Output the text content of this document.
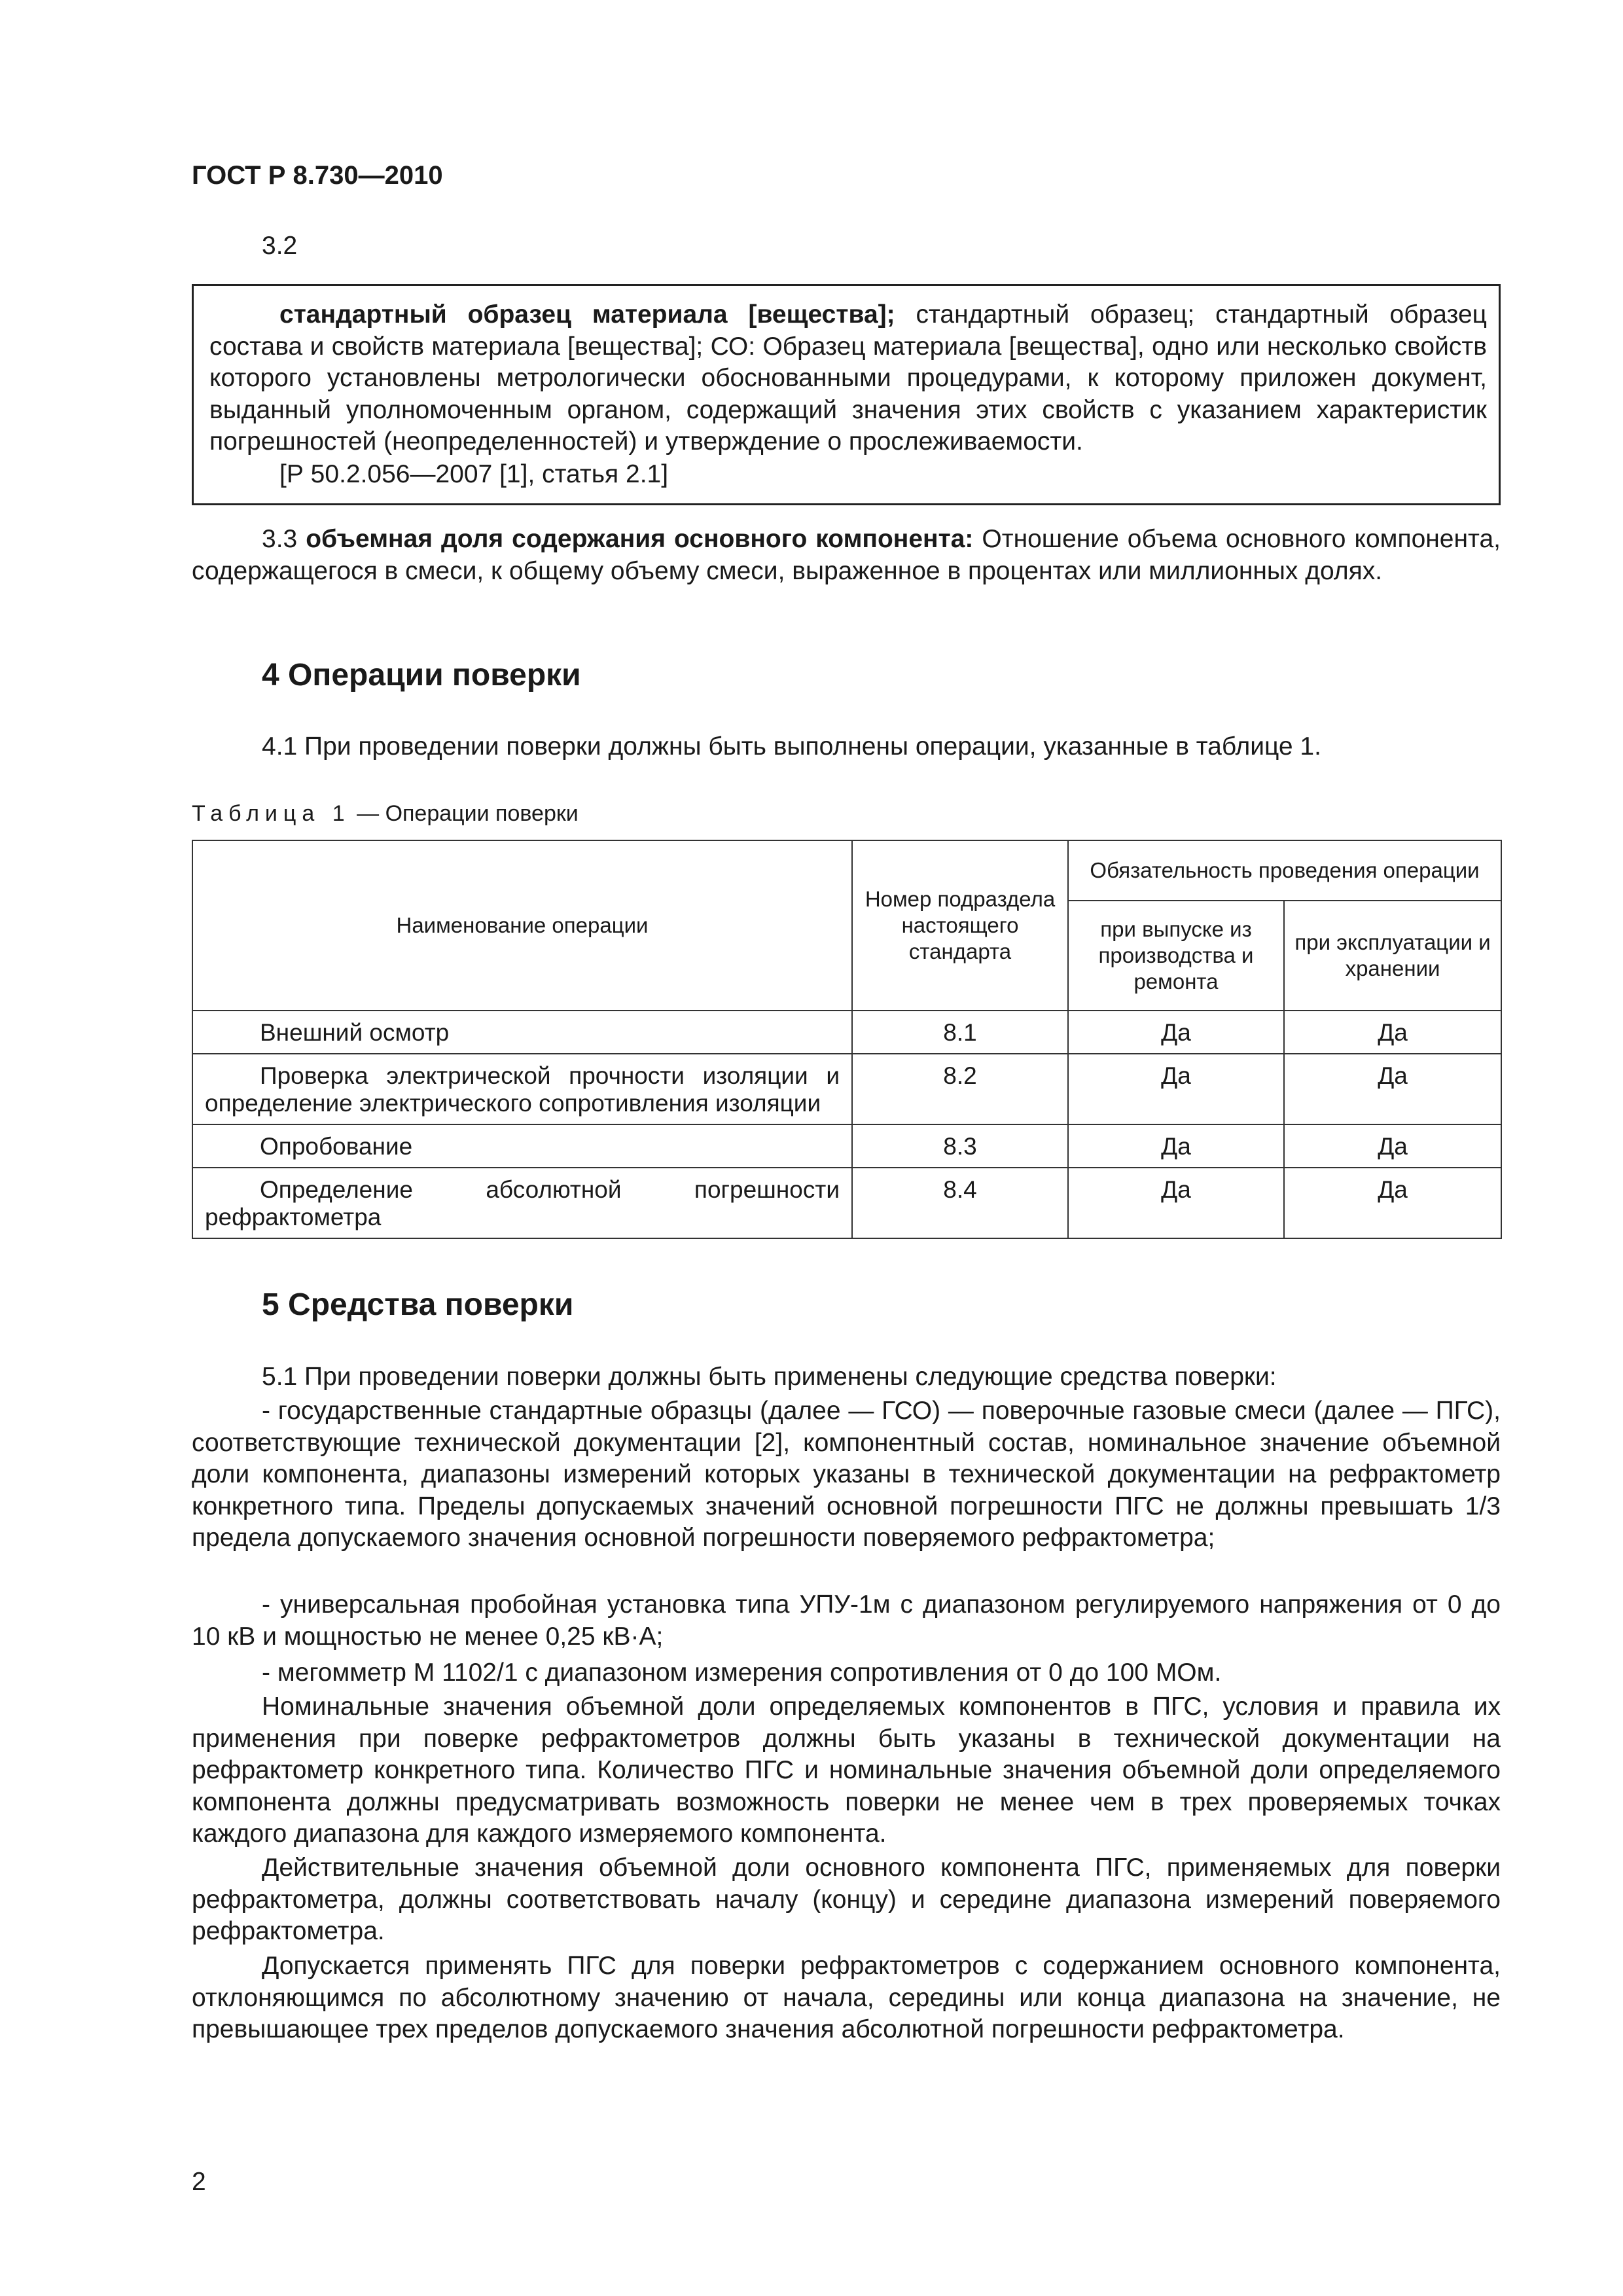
ГОСТ Р 8.730—2010
3.2

стандартный образец материала [вещества]; стандартный образец; стандартный образец состава и свойств материала [вещества]; СО: Образец материала [вещества], одно или несколько свойств которого установлены метрологически обоснованными процедурами, к которому приложен документ, выданный уполномоченным органом, содержащий значения этих свойств с указанием характеристик погрешностей (неопределенностей) и утверждение о прослеживаемости.

[Р 50.2.056—2007 [1], статья 2.1]

3.3 объемная доля содержания основного компонента: Отношение объема основного компонента, содержащегося в смеси, к общему объему смеси, выраженное в процентах или миллионных долях.

4 Операции поверки

4.1 При проведении поверки должны быть выполнены операции, указанные в таблице 1.

Таблица 1 — Операции поверки
Наименование операции	Номер подраздела настоящего стандарта	Обязательность проведения операции	
		при выпуске из производства и ремонта	при эксплуатации и хранении
Внешний осмотр	8.1	Да	Да
Проверка электрической прочности изоляции и определение электрического сопротивления изоляции	8.2	Да	Да
Опробование	8.3	Да	Да
Определение абсолютной погрешности рефрактометра	8.4	Да	Да
5 Средства поверки

5.1 При проведении поверки должны быть применены следующие средства поверки:

- государственные стандартные образцы (далее — ГСО) — поверочные газовые смеси (далее — ПГС), соответствующие технической документации [2], компонентный состав, номинальное значение объемной доли компонента, диапазоны измерений которых указаны в технической документации на рефрактометр конкретного типа. Пределы допускаемых значений основной погрешности ПГС не должны превышать 1/3 предела допускаемого значения основной погрешности поверяемого рефрактометра;

- универсальная пробойная установка типа УПУ-1м с диапазоном регулируемого напряжения от 0 до 10 кВ и мощностью не менее 0,25 кВ·А;

- мегомметр М 1102/1 с диапазоном измерения сопротивления от 0 до 100 МОм.

Номинальные значения объемной доли определяемых компонентов в ПГС, условия и правила их применения при поверке рефрактометров должны быть указаны в технической документации на рефрактометр конкретного типа. Количество ПГС и номинальные значения объемной доли определяемого компонента должны предусматривать возможность поверки не менее чем в трех проверяемых точках каждого диапазона для каждого измеряемого компонента.

Действительные значения объемной доли основного компонента ПГС, применяемых для поверки рефрактометра, должны соответствовать началу (концу) и середине диапазона измерений поверяемого рефрактометра.

Допускается применять ПГС для поверки рефрактометров с содержанием основного компонента, отклоняющимся по абсолютному значению от начала, середины или конца диапазона на значение, не превышающее трех пределов допускаемого значения абсолютной погрешности рефрактометра.

2
